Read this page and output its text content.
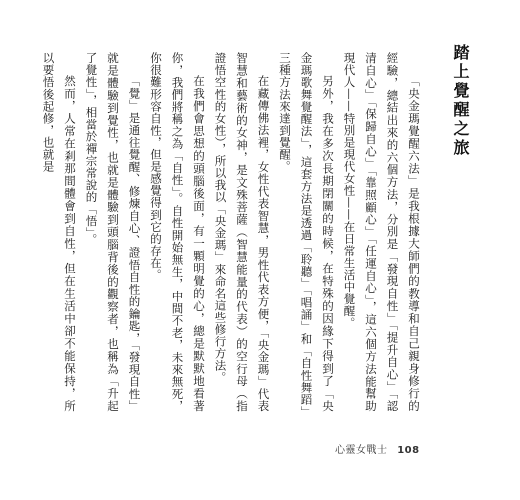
踏上覺醒之旅

「央金瑪覺醒六法」是我根據大師們的教導和自己親身修行的經驗，總結出來的六個方法，分別是「發現自性」「提升自心」「認清自心」「保歸自心」「靠照顧心」「任運自心」，這六個方法能幫助現代人——特別是現代女性——在日常生活中覺醒。

另外，我在多次長期閉關的時候，在特殊的因緣下得到了「央金瑪歌舞覺醒法」，這套方法是透過「聆聽」「唱誦」和「自性舞蹈」三種方法來達到覺醒。

在藏傳佛法裡，女性代表智慧，男性代表方便，「央金瑪」代表智慧和藝術的女神，是文殊菩薩（智慧能量的代表）的空行母（指證悟空性的女性），所以我以「央金瑪」來命名這些修行方法。

在我們會思想的頭腦後面，有一顆明覺的心，總是默默地看著你，我們將稱之為「自性」。自性開始無生，中間不老，未來無死，你很難形容自性，但是感覺得到它的存在。

「覺」是通往覺醒、修煉自心、證悟自性的鑰匙，「發現自性」就是體驗到覺性，也就是體驗到頭腦背後的觀察者，也稱為「升起了覺性」，相當於禪宗常說的「悟」。

然而，人常在剎那間體會到自性，但在生活中卻不能保持，所以要悟後起修，也就是

心靈女戰士 108
